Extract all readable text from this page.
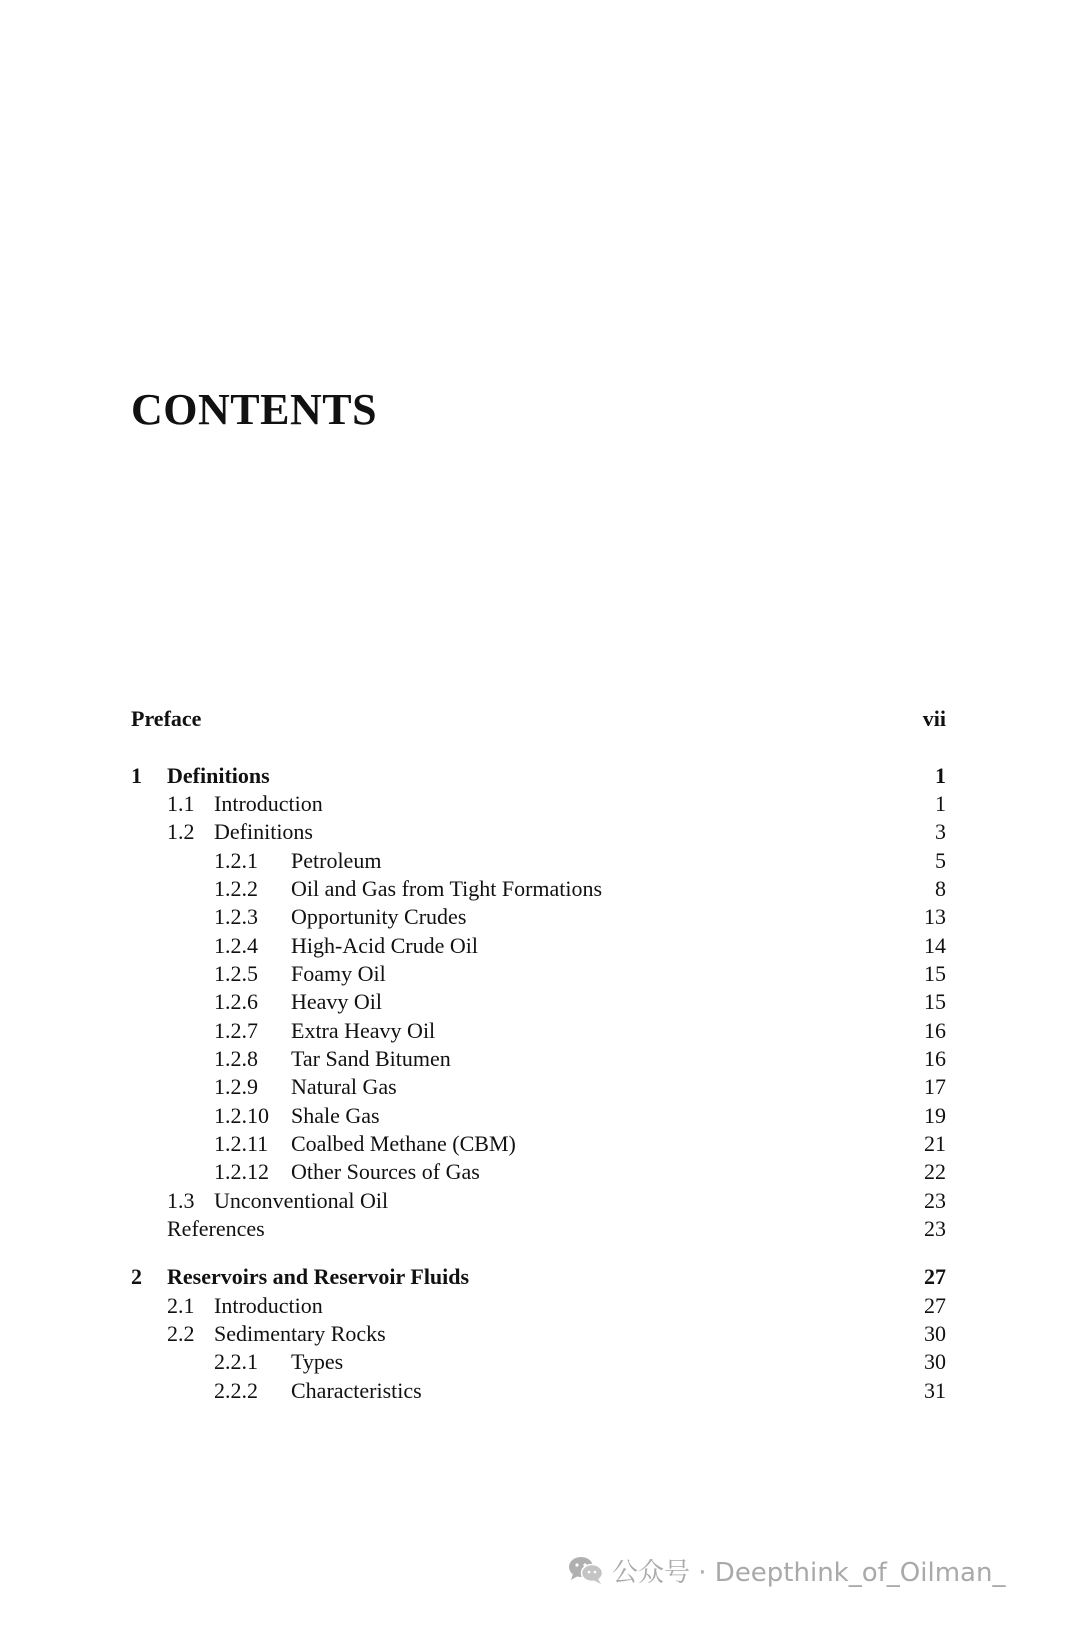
CONTENTS
Preface	vii
1 Definitions	1
1.1 Introduction	1
1.2 Definitions	3
1.2.1 Petroleum	5
1.2.2 Oil and Gas from Tight Formations	8
1.2.3 Opportunity Crudes	13
1.2.4 High-Acid Crude Oil	14
1.2.5 Foamy Oil	15
1.2.6 Heavy Oil	15
1.2.7 Extra Heavy Oil	16
1.2.8 Tar Sand Bitumen	16
1.2.9 Natural Gas	17
1.2.10 Shale Gas	19
1.2.11 Coalbed Methane (CBM)	21
1.2.12 Other Sources of Gas	22
1.3 Unconventional Oil	23
References	23
2 Reservoirs and Reservoir Fluids	27
2.1 Introduction	27
2.2 Sedimentary Rocks	30
2.2.1 Types	30
2.2.2 Characteristics	31
公众号 · Deepthink_of_Oilman_
